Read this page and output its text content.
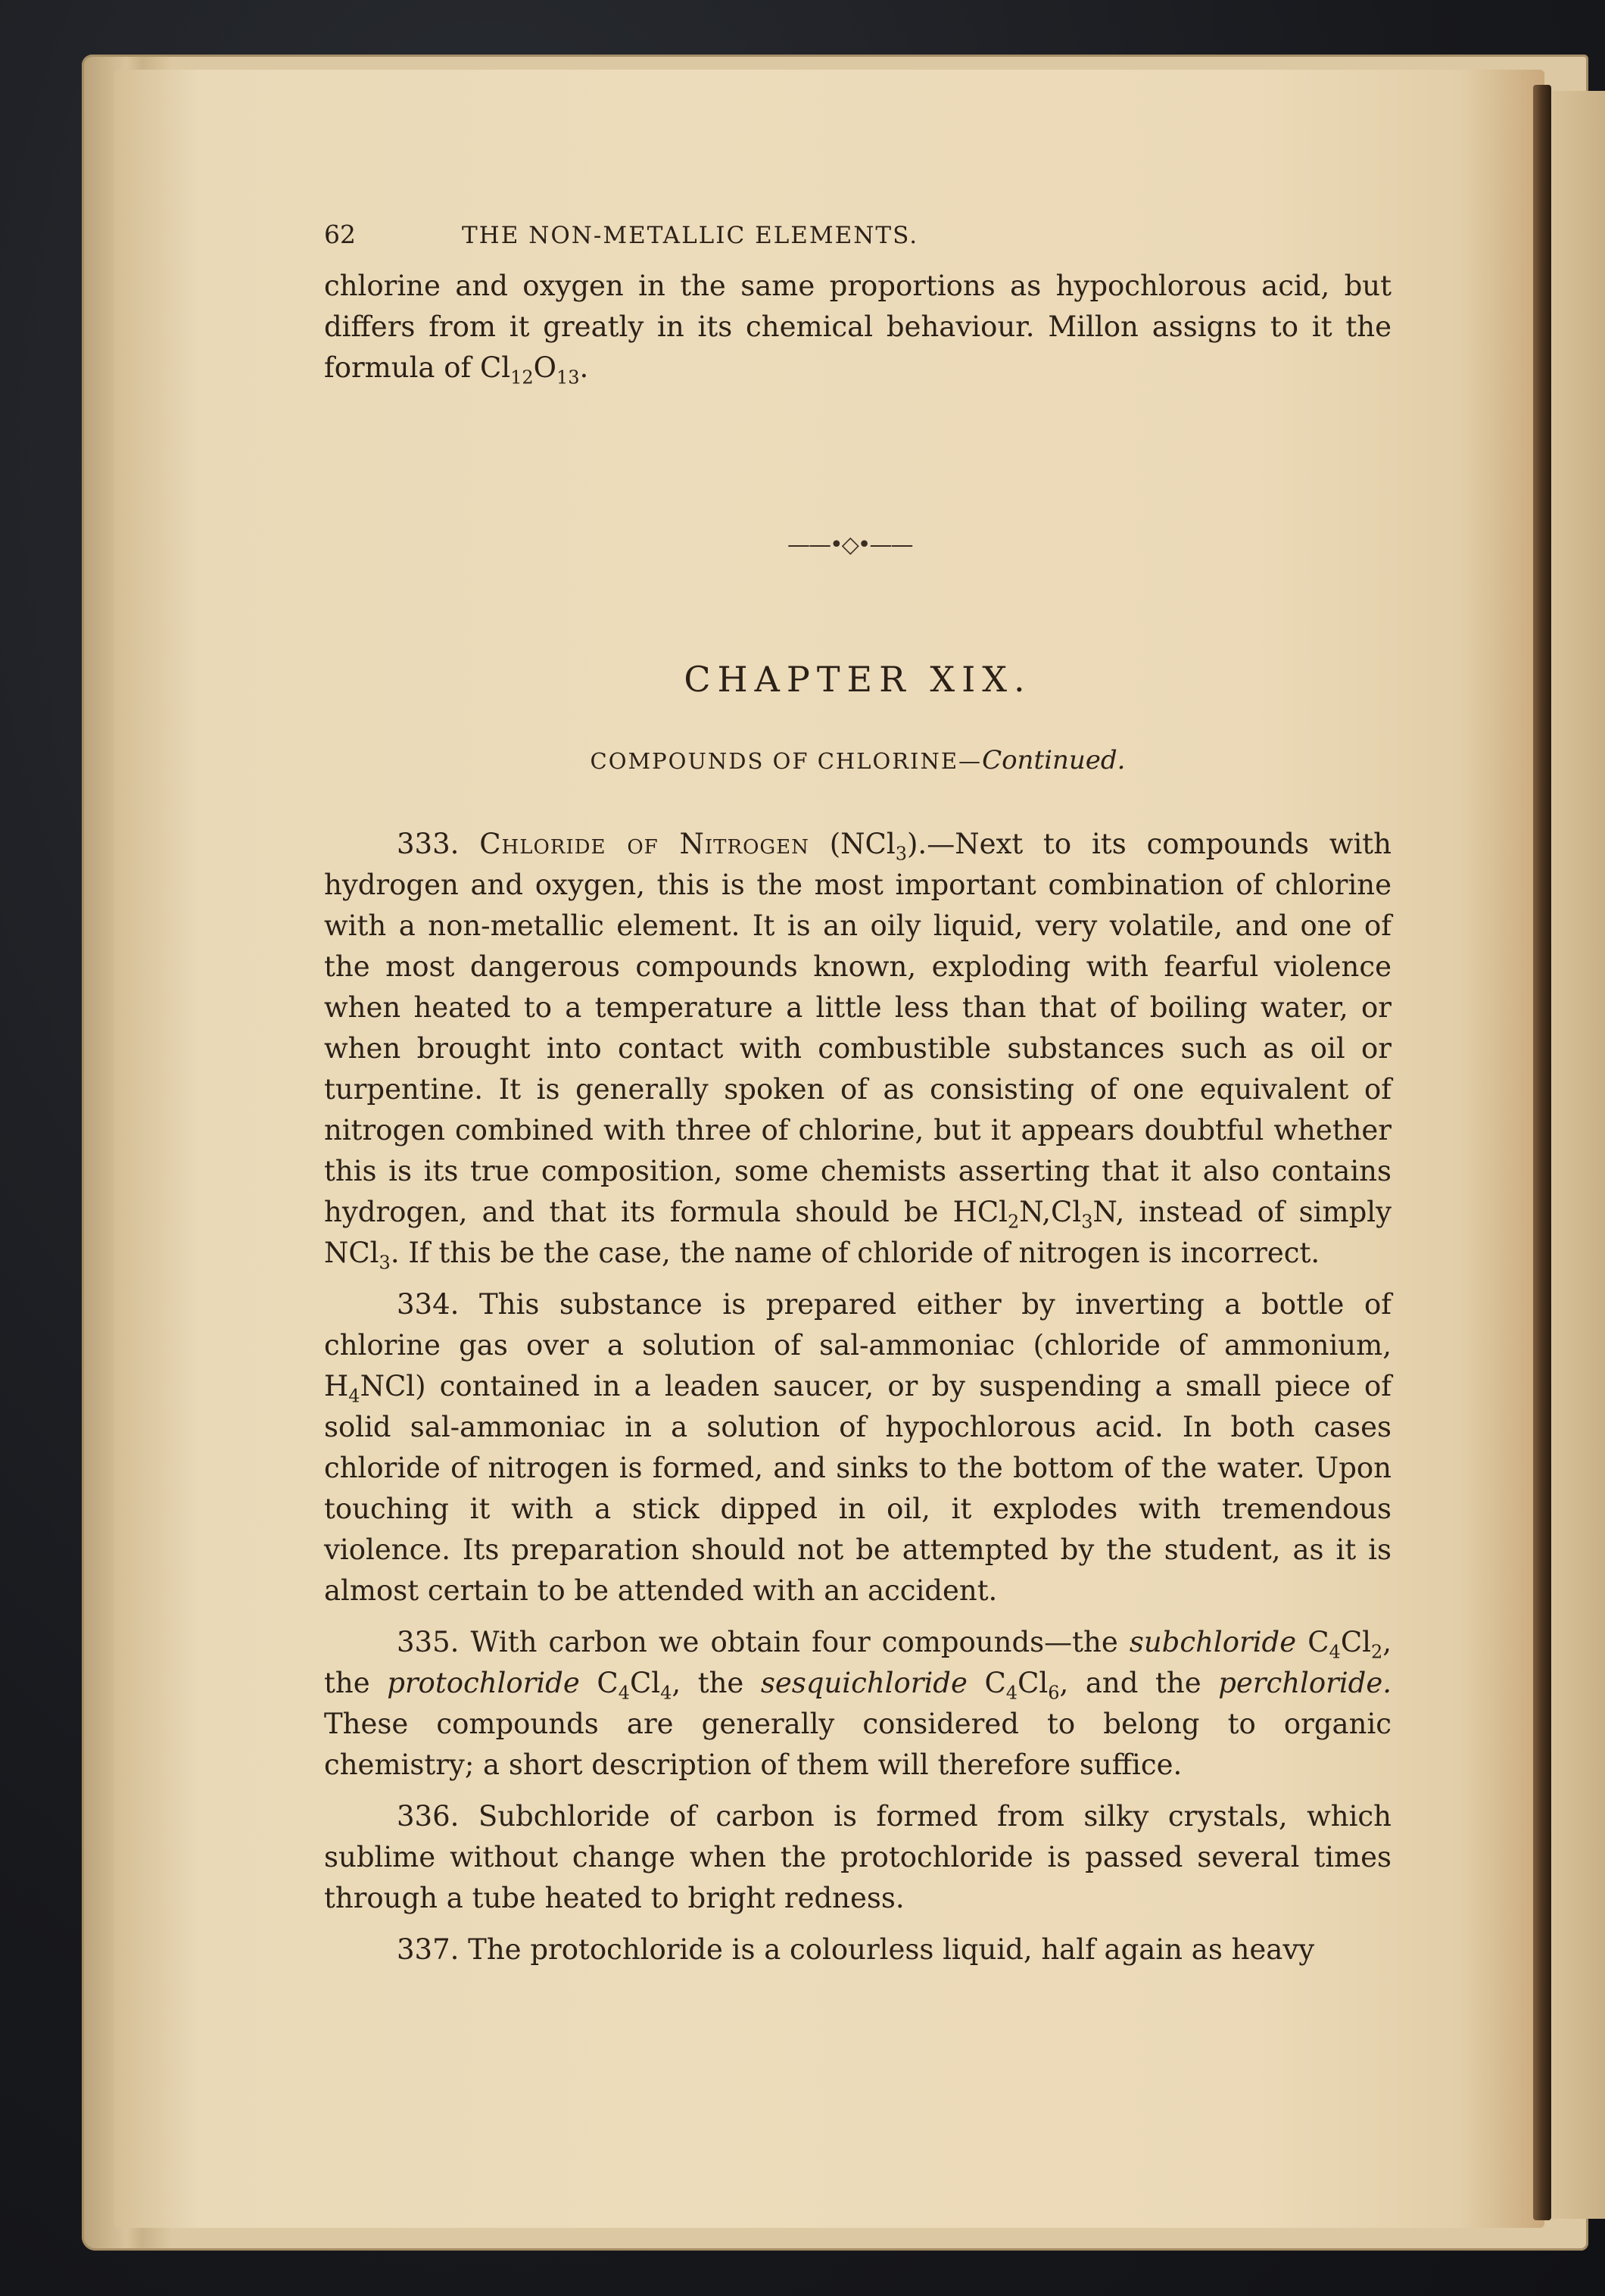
62	THE NON-METALLIC ELEMENTS.

chlorine and oxygen in the same proportions as hypochlorous acid, but differs from it greatly in its chemical behaviour. Millon assigns to it the formula of $Cl_{12}O_{13}$.

——•◇•——
CHAPTER XIX.
COMPOUNDS OF CHLORINE—Continued.

333. Chloride of Nitrogen (NCl$_3$).—Next to its compounds with hydrogen and oxygen, this is the most important combination of chlorine with a non-metallic element. It is an oily liquid, very volatile, and one of the most dangerous compounds known, exploding with fearful violence when heated to a temperature a little less than that of boiling water, or when brought into contact with combustible substances such as oil or turpentine. It is generally spoken of as consisting of one equivalent of nitrogen combined with three of chlorine, but it appears doubtful whether this is its true composition, some chemists asserting that it also contains hydrogen, and that its formula should be $HCl_2N,Cl_3N$, instead of simply NCl$_3$. If this be the case, the name of chloride of nitrogen is incorrect.

334. This substance is prepared either by inverting a bottle of chlorine gas over a solution of sal-ammoniac (chloride of ammonium, $H_4NCl$) contained in a leaden saucer, or by suspending a small piece of solid sal-ammoniac in a solution of hypochlorous acid. In both cases chloride of nitrogen is formed, and sinks to the bottom of the water. Upon touching it with a stick dipped in oil, it explodes with tremendous violence. Its preparation should not be attempted by the student, as it is almost certain to be attended with an accident.

335. With carbon we obtain four compounds—the subchloride $C_4Cl_2$, the protochloride $C_4Cl_4$, the sesquichloride $C_4Cl_6$, and the perchloride. These compounds are generally considered to belong to organic chemistry; a short description of them will therefore suffice.

336. Subchloride of carbon is formed from silky crystals, which sublime without change when the protochloride is passed several times through a tube heated to bright redness.

337. The protochloride is a colourless liquid, half again as heavy
